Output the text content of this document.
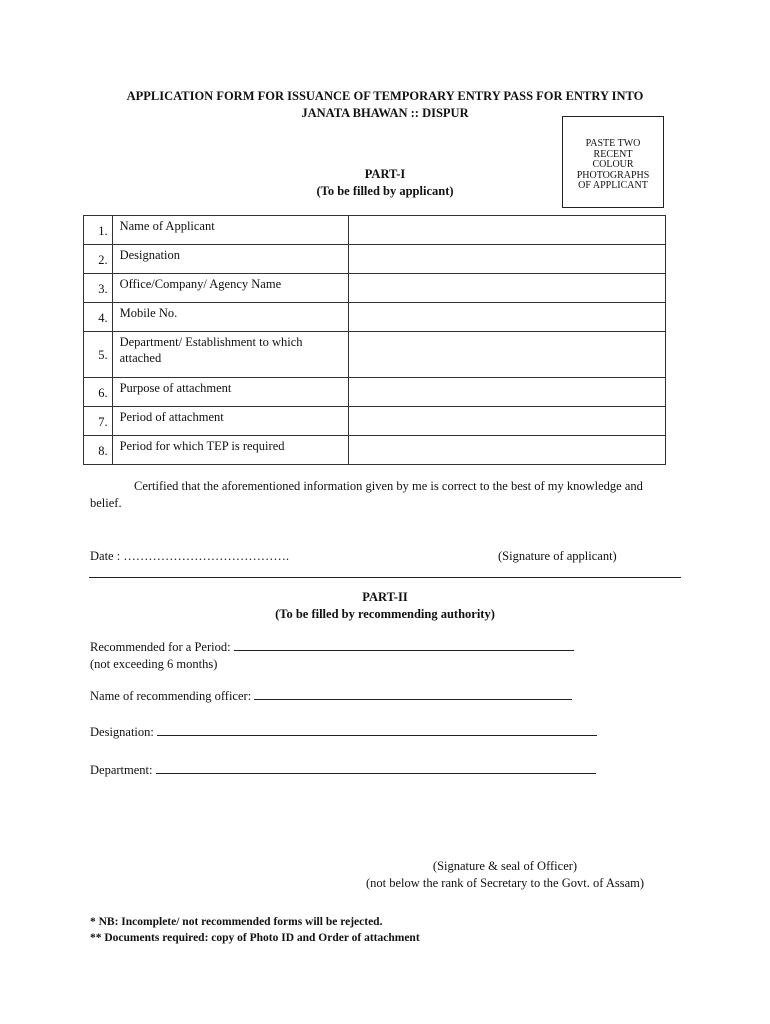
APPLICATION FORM FOR ISSUANCE OF TEMPORARY ENTRY PASS FOR ENTRY INTO
JANATA BHAWAN :: DISPUR
PASTE TWO
RECENT
COLOUR
PHOTOGRAPHS
OF APPLICANT
PART-I
(To be filled by applicant)
1.	Name of Applicant	
2.	Designation	
3.	Office/Company/ Agency Name	
4.	Mobile No.	
5.	Department/ Establishment to which attached	
6.	Purpose of attachment	
7.	Period of attachment	
8.	Period for which TEP is required	
Certified that the aforementioned information given by me is correct to the best of my knowledge and belief.
Date : ………………………………….	(Signature of applicant)
PART-II
(To be filled by recommending authority)
Recommended for a Period:
(not exceeding 6 months)
Name of recommending officer:
Designation:
Department:
(Signature & seal of Officer)
(not below the rank of Secretary to the Govt. of Assam)
* NB: Incomplete/ not recommended forms will be rejected.
** Documents required: copy of Photo ID and Order of attachment
